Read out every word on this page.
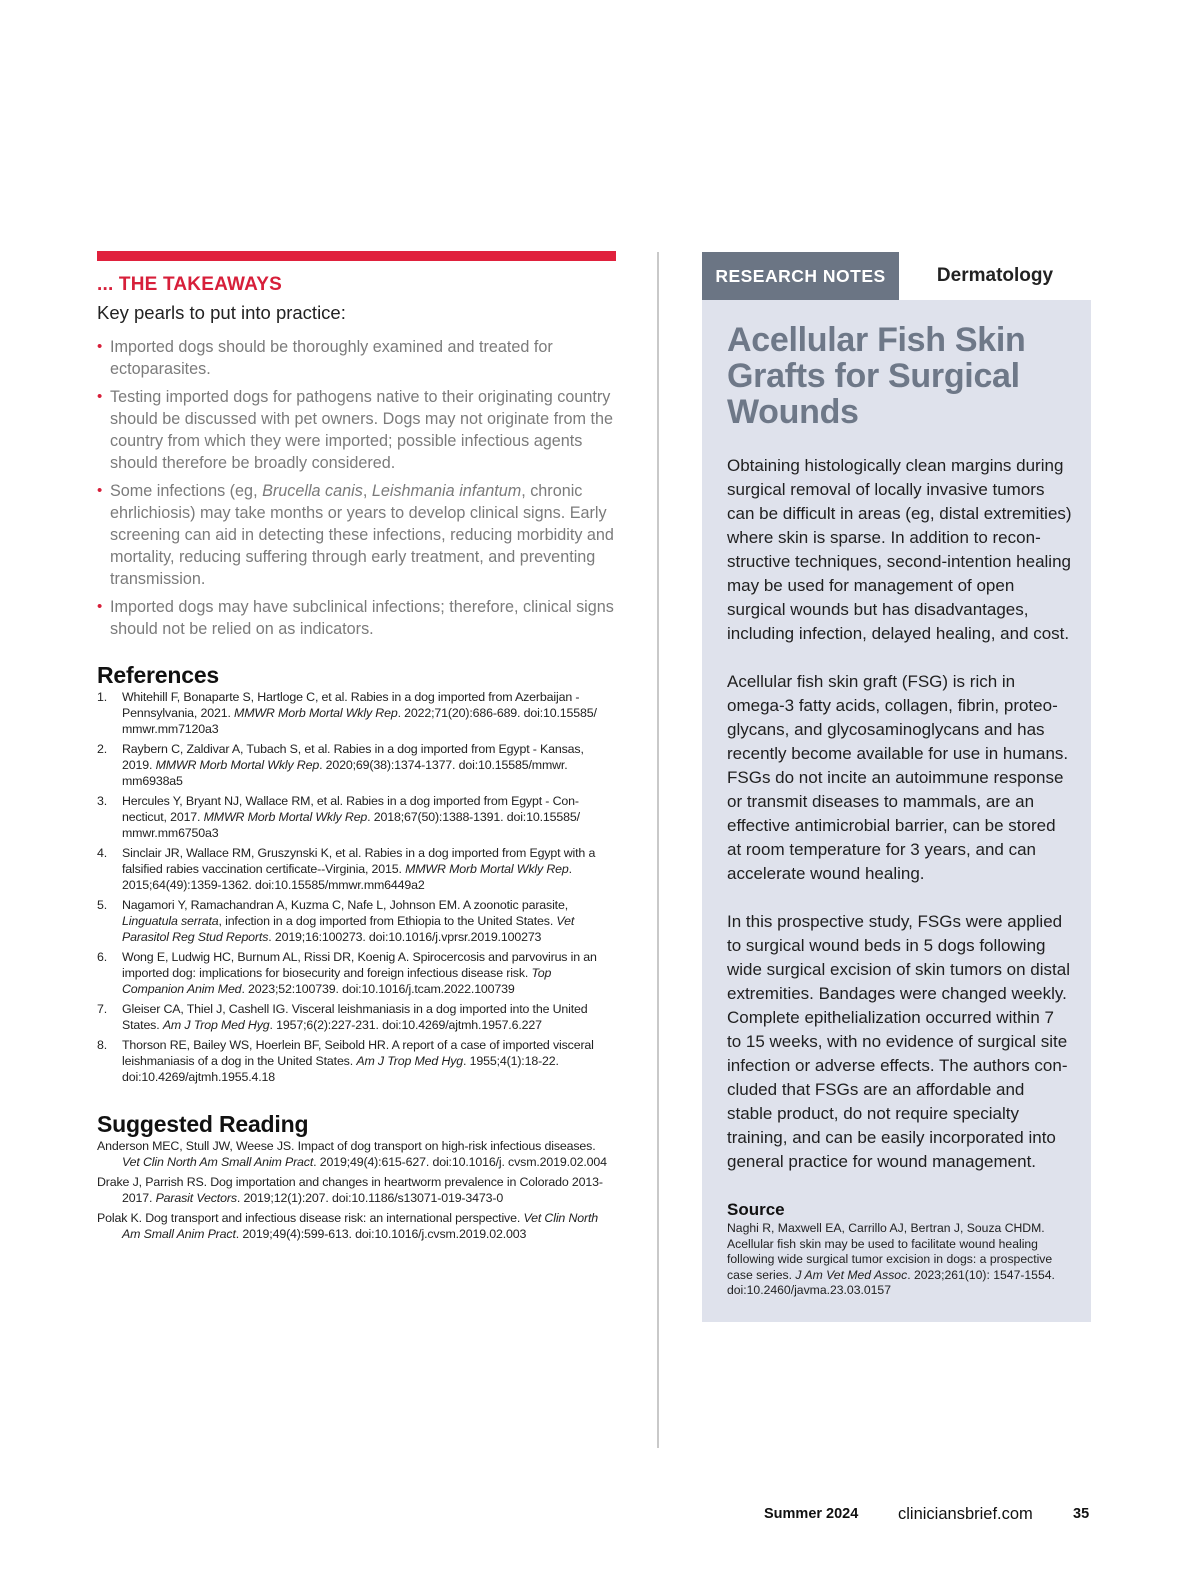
... THE TAKEAWAYS
Key pearls to put into practice:
• Imported dogs should be thoroughly examined and treated for ectoparasites.
• Testing imported dogs for pathogens native to their originating country should be discussed with pet owners. Dogs may not originate from the country from which they were imported; possible infectious agents should therefore be broadly considered.
• Some infections (eg, Brucella canis, Leishmania infantum, chronic ehrlichiosis) may take months or years to develop clinical signs. Early screening can aid in detecting these infections, reducing morbidity and mortality, reducing suffering through early treatment, and preventing transmission.
• Imported dogs may have subclinical infections; therefore, clinical signs should not be relied on as indicators.
References
1. Whitehill F, Bonaparte S, Hartloge C, et al. Rabies in a dog imported from Azerbaijan - Pennsylvania, 2021. MMWR Morb Mortal Wkly Rep. 2022;71(20):686-689. doi:10.15585/ mmwr.mm7120a3
2. Raybern C, Zaldivar A, Tubach S, et al. Rabies in a dog imported from Egypt - Kansas, 2019. MMWR Morb Mortal Wkly Rep. 2020;69(38):1374-1377. doi:10.15585/mmwr. mm6938a5
3. Hercules Y, Bryant NJ, Wallace RM, et al. Rabies in a dog imported from Egypt - Connecticut, 2017. MMWR Morb Mortal Wkly Rep. 2018;67(50):1388-1391. doi:10.15585/ mmwr.mm6750a3
4. Sinclair JR, Wallace RM, Gruszynski K, et al. Rabies in a dog imported from Egypt with a falsified rabies vaccination certificate--Virginia, 2015. MMWR Morb Mortal Wkly Rep. 2015;64(49):1359-1362. doi:10.15585/mmwr.mm6449a2
5. Nagamori Y, Ramachandran A, Kuzma C, Nafe L, Johnson EM. A zoonotic parasite, Linguatula serrata, infection in a dog imported from Ethiopia to the United States. Vet Parasitol Reg Stud Reports. 2019;16:100273. doi:10.1016/j.vprsr.2019.100273
6. Wong E, Ludwig HC, Burnum AL, Rissi DR, Koenig A. Spirocercosis and parvovirus in an imported dog: implications for biosecurity and foreign infectious disease risk. Top Companion Anim Med. 2023;52:100739. doi:10.1016/j.tcam.2022.100739
7. Gleiser CA, Thiel J, Cashell IG. Visceral leishmaniasis in a dog imported into the United States. Am J Trop Med Hyg. 1957;6(2):227-231. doi:10.4269/ajtmh.1957.6.227
8. Thorson RE, Bailey WS, Hoerlein BF, Seibold HR. A report of a case of imported visceral leishmaniasis of a dog in the United States. Am J Trop Med Hyg. 1955;4(1):18-22. doi:10.4269/ajtmh.1955.4.18
Suggested Reading
Anderson MEC, Stull JW, Weese JS. Impact of dog transport on high-risk infectious diseases. Vet Clin North Am Small Anim Pract. 2019;49(4):615-627. doi:10.1016/j. cvsm.2019.02.004
Drake J, Parrish RS. Dog importation and changes in heartworm prevalence in Colorado 2013-2017. Parasit Vectors. 2019;12(1):207. doi:10.1186/s13071-019-3473-0
Polak K. Dog transport and infectious disease risk: an international perspective. Vet Clin North Am Small Anim Pract. 2019;49(4):599-613. doi:10.1016/j.cvsm.2019.02.003
RESEARCH NOTES	Dermatology
Acellular Fish Skin Grafts for Surgical Wounds

Obtaining histologically clean margins during surgical removal of locally invasive tumors can be difficult in areas (eg, distal extremities) where skin is sparse. In addition to reconstructive techniques, second-intention healing may be used for management of open surgical wounds but has disadvantages, including infection, delayed healing, and cost.

Acellular fish skin graft (FSG) is rich in omega-3 fatty acids, collagen, fibrin, proteoglycans, and glycosaminoglycans and has recently become available for use in humans. FSGs do not incite an autoimmune response or transmit diseases to mammals, are an effective antimicrobial barrier, can be stored at room temperature for 3 years, and can accelerate wound healing.

In this prospective study, FSGs were applied to surgical wound beds in 5 dogs following wide surgical excision of skin tumors on distal extremities. Bandages were changed weekly. Complete epithelialization occurred within 7 to 15 weeks, with no evidence of surgical site infection or adverse effects. The authors concluded that FSGs are an affordable and stable product, do not require specialty training, and can be easily incorporated into general practice for wound management.

Source
Naghi R, Maxwell EA, Carrillo AJ, Bertran J, Souza CHDM. Acellular fish skin may be used to facilitate wound healing following wide surgical tumor excision in dogs: a prospective case series. J Am Vet Med Assoc. 2023;261(10): 1547-1554. doi:10.2460/javma.23.03.0157
Summer 2024 cliniciansbrief.com	35
